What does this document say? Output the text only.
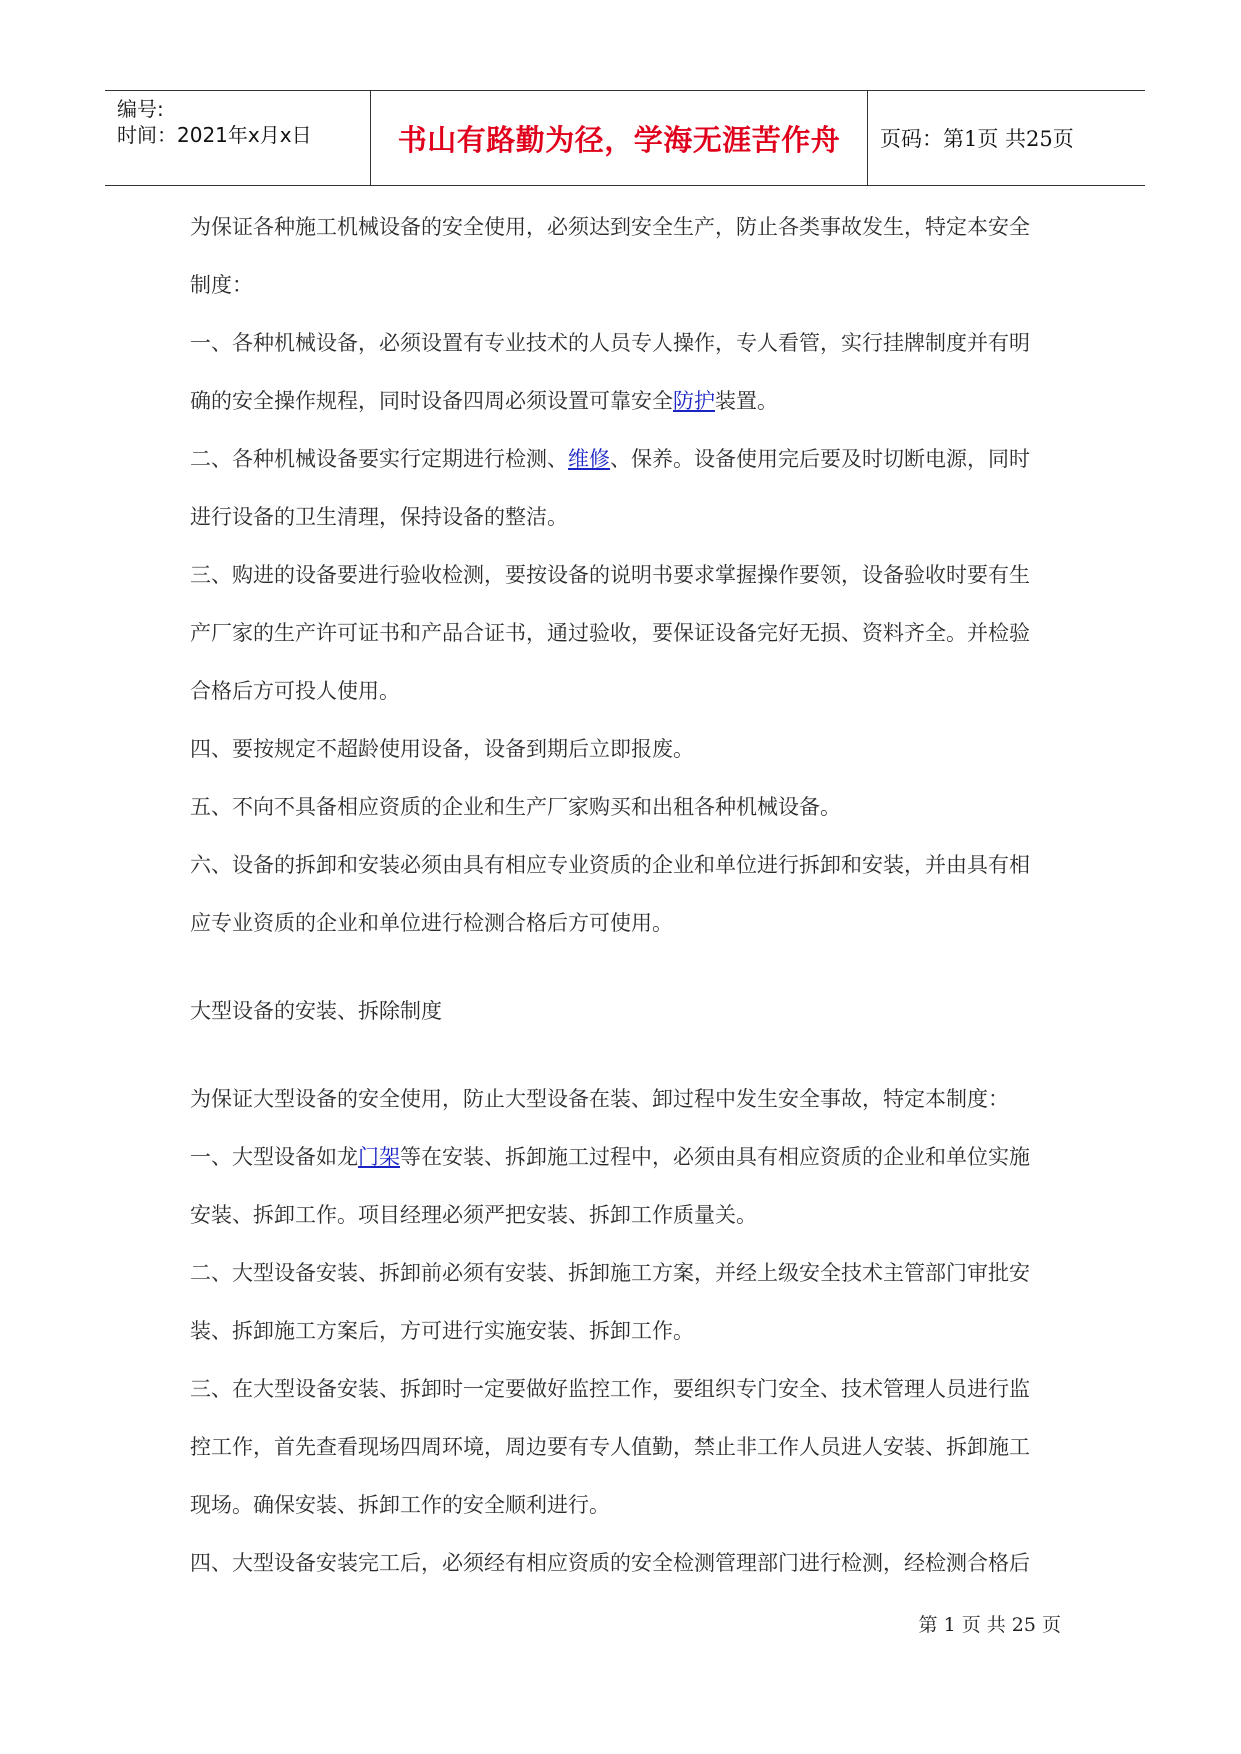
编号:
时间：2021年x月x日	书山有路勤为径，学海无涯苦作舟 页码：第1页 共25页

为保证各种施工机械设备的安全使用，必须达到安全生产，防止各类事故发生，特定本安全

制度：

一、各种机械设备，必须设置有专业技术的人员专人操作，专人看管，实行挂牌制度并有明

确的安全操作规程，同时设备四周必须设置可靠安全防护装置。

二、各种机械设备要实行定期进行检测、维修、保养。设备使用完后要及时切断电源，同时

进行设备的卫生清理，保持设备的整洁。

三、购进的设备要进行验收检测，要按设备的说明书要求掌握操作要领，设备验收时要有生

产厂家的生产许可证书和产品合证书，通过验收，要保证设备完好无损、资料齐全。并检验

合格后方可投人使用。

四、要按规定不超龄使用设备，设备到期后立即报废。

五、不向不具备相应资质的企业和生产厂家购买和出租各种机械设备。

六、设备的拆卸和安装必须由具有相应专业资质的企业和单位进行拆卸和安装，并由具有相

应专业资质的企业和单位进行检测合格后方可使用。

大型设备的安装、拆除制度

为保证大型设备的安全使用，防止大型设备在装、卸过程中发生安全事故，特定本制度：

一、大型设备如龙门架等在安装、拆卸施工过程中，必须由具有相应资质的企业和单位实施

安装、拆卸工作。项目经理必须严把安装、拆卸工作质量关。

二、大型设备安装、拆卸前必须有安装、拆卸施工方案，并经上级安全技术主管部门审批安

装、拆卸施工方案后，方可进行实施安装、拆卸工作。

三、在大型设备安装、拆卸时一定要做好监控工作，要组织专门安全、技术管理人员进行监

控工作，首先查看现场四周环境，周边要有专人值勤，禁止非工作人员进人安装、拆卸施工

现场。确保安装、拆卸工作的安全顺利进行。

四、大型设备安装完工后，必须经有相应资质的安全检测管理部门进行检测，经检测合格后

第 1 页 共 25 页
